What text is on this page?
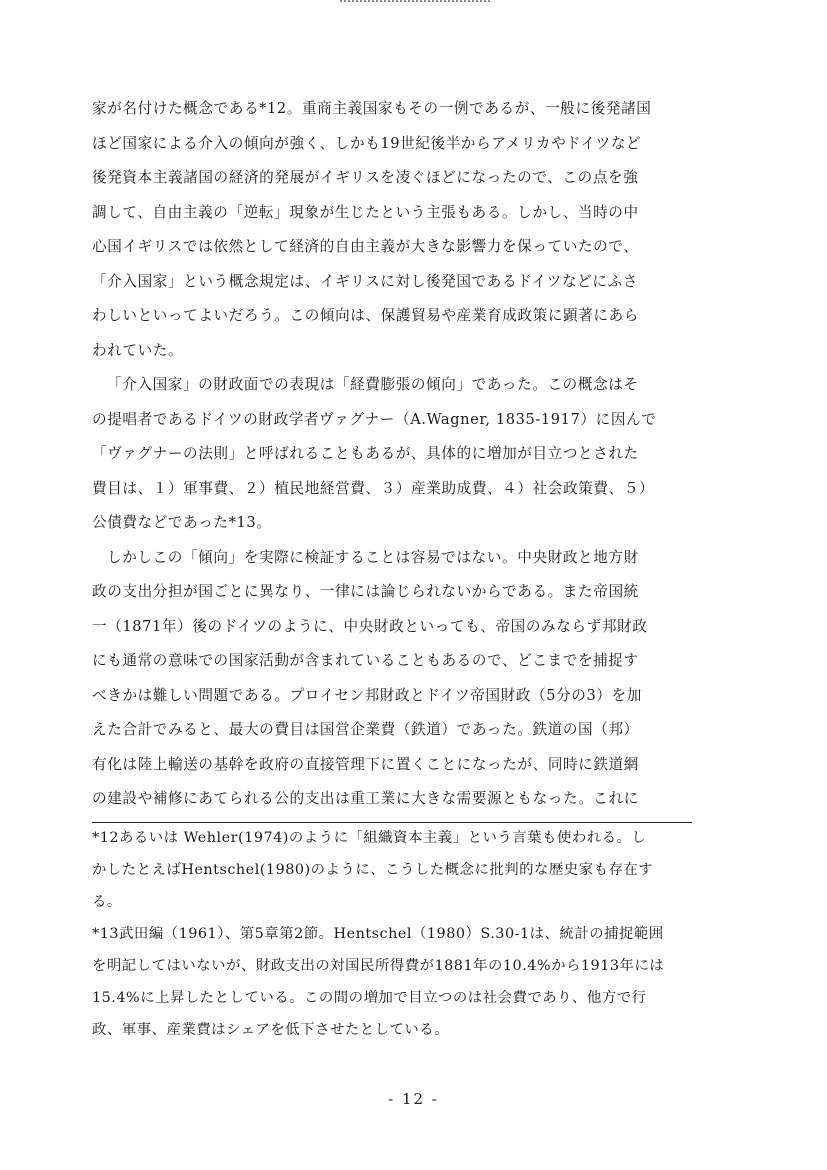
家が名付けた概念である*12。重商主義国家もその一例であるが、一般に後発諸国
ほど国家による介入の傾向が強く、しかも19世紀後半からアメリカやドイツなど
後発資本主義諸国の経済的発展がイギリスを凌ぐほどになったので、この点を強
調して、自由主義の「逆転」現象が生じたという主張もある。しかし、当時の中
心国イギリスでは依然として経済的自由主義が大きな影響力を保っていたので、
「介入国家」という概念規定は、イギリスに対し後発国であるドイツなどにふさ
わしいといってよいだろう。この傾向は、保護貿易や産業育成政策に顕著にあら
われていた。

「介入国家」の財政面での表現は「経費膨張の傾向」であった。この概念はそ
の提唱者であるドイツの財政学者ヴァグナー（A.Wagner, 1835-1917）に因んで
「ヴァグナーの法則」と呼ばれることもあるが、具体的に増加が目立つとされた
費目は、１）軍事費、２）植民地経営費、３）産業助成費、４）社会政策費、５）
公債費などであった*13。

しかしこの「傾向」を実際に検証することは容易ではない。中央財政と地方財
政の支出分担が国ごとに異なり、一律には論じられないからである。また帝国統
一（1871年）後のドイツのように、中央財政といっても、帝国のみならず邦財政
にも通常の意味での国家活動が含まれていることもあるので、どこまでを捕捉す
べきかは難しい問題である。プロイセン邦財政とドイツ帝国財政（5分の3）を加
えた合計でみると、最大の費目は国営企業費（鉄道）であった。鉄道の国（邦）
有化は陸上輸送の基幹を政府の直接管理下に置くことになったが、同時に鉄道網
の建設や補修にあてられる公的支出は重工業に大きな需要源ともなった。これに

*12あるいは Wehler(1974)のように「組織資本主義」という言葉も使われる。し
かしたとえばHentschel(1980)のように、こうした概念に批判的な歴史家も存在す
る。
*13武田編（1961）、第5章第2節。Hentschel（1980）S.30-1は、統計の捕捉範囲
を明記してはいないが、財政支出の対国民所得費が1881年の10.4%から1913年には
15.4%に上昇したとしている。この間の増加で目立つのは社会費であり、他方で行
政、軍事、産業費はシェアを低下させたとしている。
- 12 -
